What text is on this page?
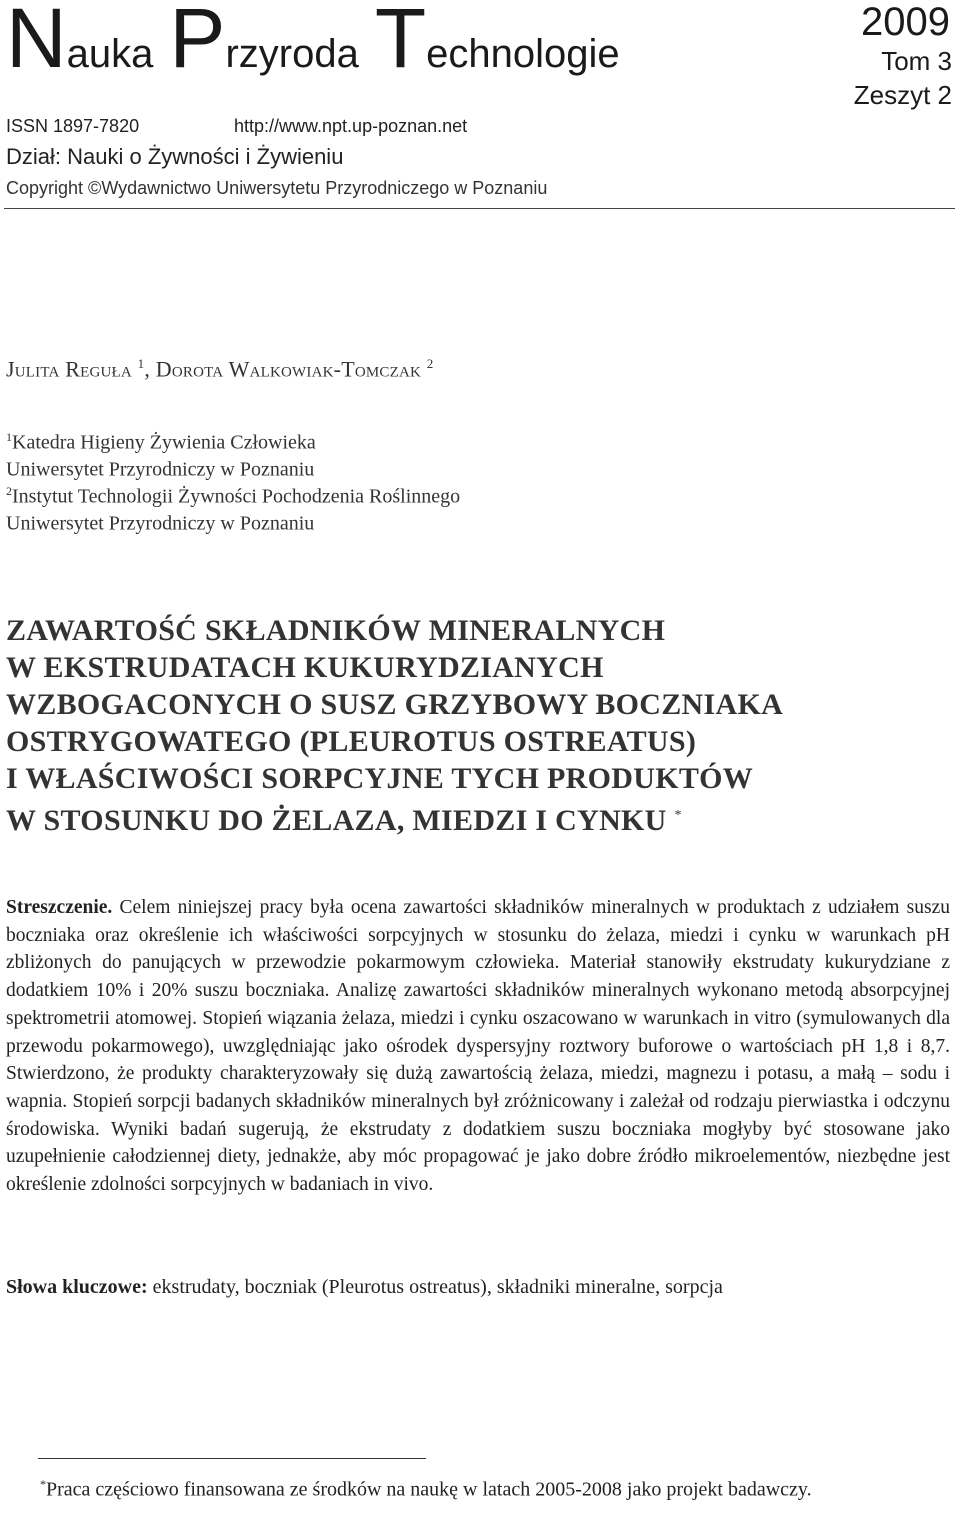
Nauka Przyroda Technologie
2009
Tom 3
Zeszyt 2
ISSN 1897-7820	http://www.npt.up-poznan.net
Dział: Nauki o Żywności i Żywieniu
Copyright ©Wydawnictwo Uniwersytetu Przyrodniczego w Poznaniu
Julita Reguła $^1$, Dorota Walkowiak-Tomczak $^2$
$^1$Katedra Higieny Żywienia Człowieka
Uniwersytet Przyrodniczy w Poznaniu
$^2$Instytut Technologii Żywności Pochodzenia Roślinnego
Uniwersytet Przyrodniczy w Poznaniu
ZAWARTOŚĆ SKŁADNIKÓW MINERALNYCH
W EKSTRUDATACH KUKURYDZIANYCH
WZBOGACONYCH O SUSZ GRZYBOWY BOCZNIAKA
OSTRYGOWATEGO (PLEUROTUS OSTREATUS)
I WŁAŚCIWOŚCI SORPCYJNE TYCH PRODUKTÓW
W STOSUNKU DO ŻELAZA, MIEDZI I CYNKU *
Streszczenie. Celem niniejszej pracy była ocena zawartości składników mineralnych w produktach z udziałem suszu boczniaka oraz określenie ich właściwości sorpcyjnych w stosunku do żelaza, miedzi i cynku w warunkach pH zbliżonych do panujących w przewodzie pokarmowym człowieka. Materiał stanowiły ekstrudaty kukurydziane z dodatkiem 10% i 20% suszu boczniaka. Analizę zawartości składników mineralnych wykonano metodą absorpcyjnej spektrometrii atomowej. Stopień wiązania żelaza, miedzi i cynku oszacowano w warunkach in vitro (symulowanych dla przewodu pokarmowego), uwzględniając jako ośrodek dyspersyjny roztwory buforowe o wartościach pH 1,8 i 8,7. Stwierdzono, że produkty charakteryzowały się dużą zawartością żelaza, miedzi, magnezu i potasu, a małą – sodu i wapnia. Stopień sorpcji badanych składników mineralnych był zróżnicowany i zależał od rodzaju pierwiastka i odczynu środowiska. Wyniki badań sugerują, że ekstrudaty z dodatkiem suszu boczniaka mogłyby być stosowane jako uzupełnienie całodziennej diety, jednakże, aby móc propagować je jako dobre źródło mikroelementów, niezbędne jest określenie zdolności sorpcyjnych w badaniach in vivo.
Słowa kluczowe: ekstrudaty, boczniak (Pleurotus ostreatus), składniki mineralne, sorpcja
*Praca częściowo finansowana ze środków na naukę w latach 2005-2008 jako projekt badawczy.
